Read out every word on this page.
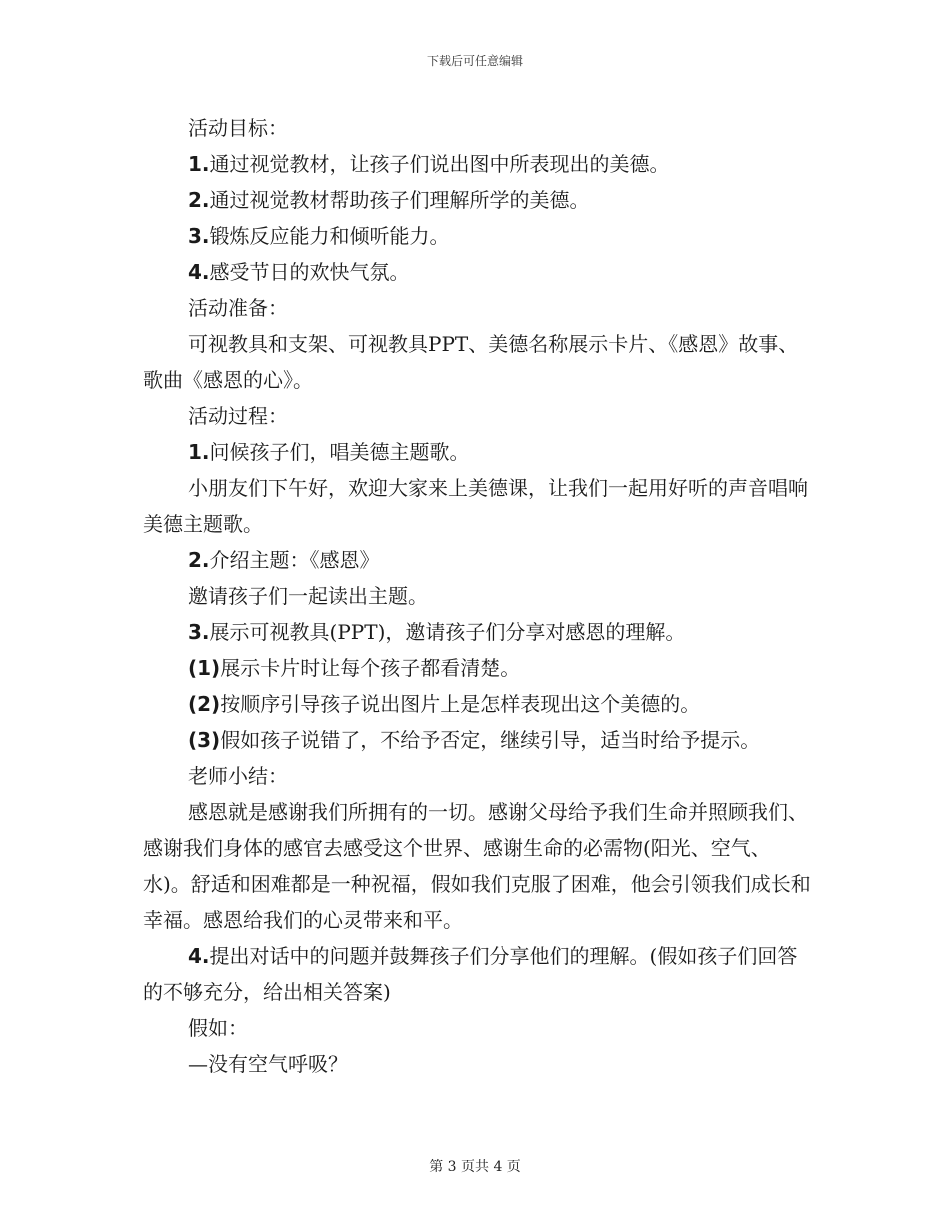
下载后可任意编辑

活动目标：

1.通过视觉教材，让孩子们说出图中所表现出的美德。

2.通过视觉教材帮助孩子们理解所学的美德。

3.锻炼反应能力和倾听能力。

4.感受节日的欢快气氛。

活动准备：

可视教具和支架、可视教具PPT、美德名称展示卡片、《感恩》故事、歌曲《感恩的心》。

活动过程：

1.问候孩子们，唱美德主题歌。

小朋友们下午好，欢迎大家来上美德课，让我们一起用好听的声音唱响美德主题歌。

2.介绍主题：《感恩》

邀请孩子们一起读出主题。

3.展示可视教具(PPT)，邀请孩子们分享对感恩的理解。

(1)展示卡片时让每个孩子都看清楚。

(2)按顺序引导孩子说出图片上是怎样表现出这个美德的。

(3)假如孩子说错了，不给予否定，继续引导，适当时给予提示。

老师小结：

感恩就是感谢我们所拥有的一切。感谢父母给予我们生命并照顾我们、感谢我们身体的感官去感受这个世界、感谢生命的必需物(阳光、空气、水)。舒适和困难都是一种祝福，假如我们克服了困难，他会引领我们成长和幸福。感恩给我们的心灵带来和平。

4.提出对话中的问题并鼓舞孩子们分享他们的理解。(假如孩子们回答的不够充分，给出相关答案)

假如：

—没有空气呼吸？

第 3 页共 4 页
